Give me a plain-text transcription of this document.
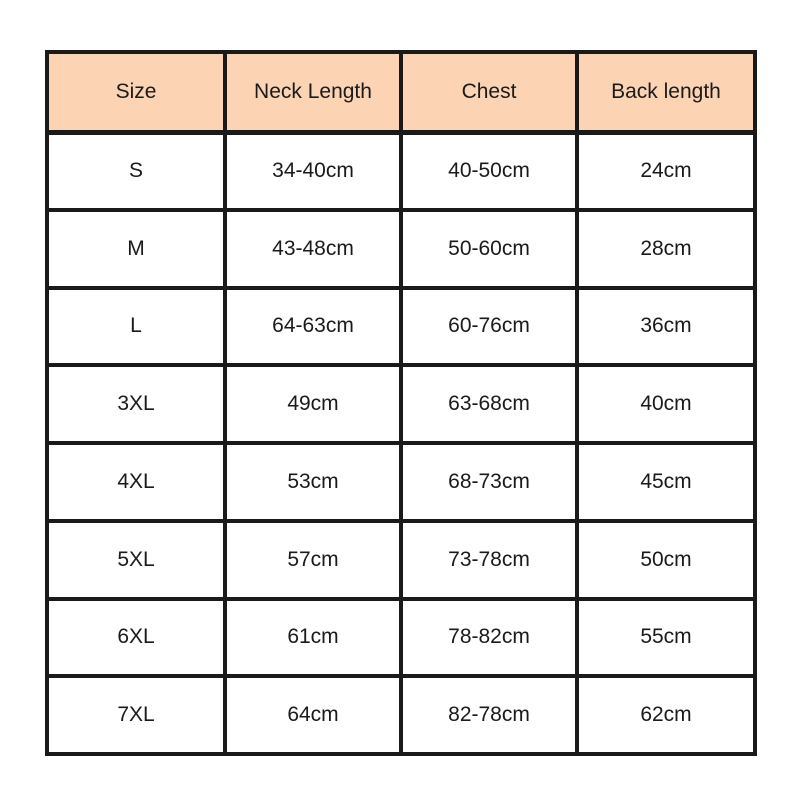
Size	Neck Length	Chest	Back length
S	34-40cm	40-50cm	24cm
M	43-48cm	50-60cm	28cm
L	64-63cm	60-76cm	36cm
3XL	49cm	63-68cm	40cm
4XL	53cm	68-73cm	45cm
5XL	57cm	73-78cm	50cm
6XL	61cm	78-82cm	55cm
7XL	64cm	82-78cm	62cm
